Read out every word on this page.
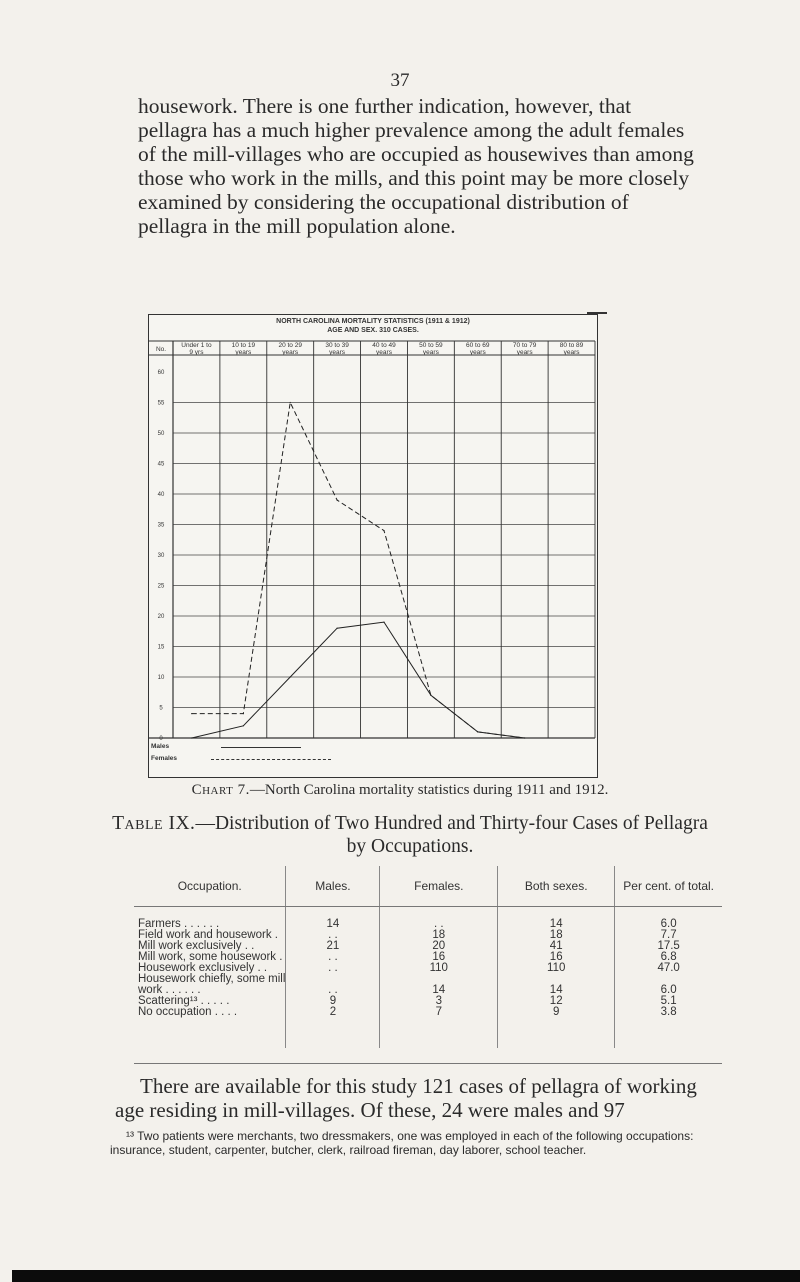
37

housework. There is one further indication, however, that pellagra has a much higher prevalence among the adult females of the mill-villages who are occupied as housewives than among those who work in the mills, and this point may be more closely examined by considering the occupational distribution of pellagra in the mill population alone.

NORTH CAROLINA MORTALITY STATISTICS (1911 & 1912)
AGE AND SEX. 310 CASES.
No.
Under 1 to
9 yrs
10 to 19
years
20 to 29
years
30 to 39
years
40 to 49
years
50 to 59
years
60 to 69
years
70 to 79
years
80 to 89
years
60
55
50
45
40
35
30
25
20
15
10
5
0
Males
Females
Chart 7.—North Carolina mortality statistics during 1911 and 1912.
Table IX.—Distribution of Two Hundred and Thirty-four Cases of Pellagra by Occupations.
Occupation.	Males.	Females.	Both sexes.	Per cent. of total.
Farmers . . . . . .	14	. .	14	6.0
Field work and housework .	. .	18	18	7.7
Mill work exclusively . .	21	20	41	17.5
Mill work, some housework .	. .	16	16	6.8
Housework exclusively . .	. .	110	110	47.0
Housework chiefly, some mill				
work . . . . . .	. .	14	14	6.0
Scattering¹³ . . . . .	9	3	12	5.1
No occupation . . . .	2	7	9	3.8

There are available for this study 121 cases of pellagra of working age residing in mill-villages. Of these, 24 were males and 97

¹³ Two patients were merchants, two dressmakers, one was employed in each of the following occupations: insurance, student, carpenter, butcher, clerk, railroad fireman, day laborer, school teacher.
